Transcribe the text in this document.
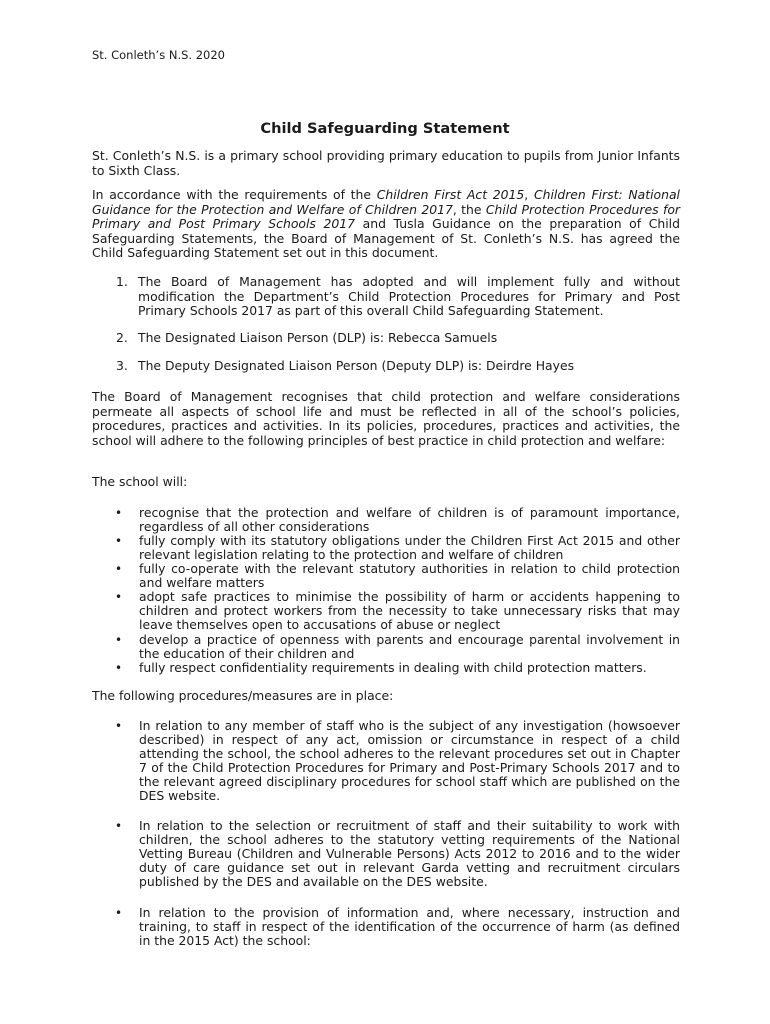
St. Conleth’s N.S. 2020
Child Safeguarding Statement
St. Conleth’s N.S. is a primary school providing primary education to pupils from Junior Infants to Sixth Class.
In accordance with the requirements of the Children First Act 2015, Children First: National Guidance for the Protection and Welfare of Children 2017, the Child Protection Procedures for Primary and Post Primary Schools 2017 and Tusla Guidance on the preparation of Child Safeguarding Statements, the Board of Management of St. Conleth’s N.S. has agreed the Child Safeguarding Statement set out in this document.
1. The Board of Management has adopted and will implement fully and without modification the Department’s Child Protection Procedures for Primary and Post Primary Schools 2017 as part of this overall Child Safeguarding Statement.
2. The Designated Liaison Person (DLP) is: Rebecca Samuels
3. The Deputy Designated Liaison Person (Deputy DLP) is: Deirdre Hayes
The Board of Management recognises that child protection and welfare considerations permeate all aspects of school life and must be reflected in all of the school’s policies, procedures, practices and activities. In its policies, procedures, practices and activities, the school will adhere to the following principles of best practice in child protection and welfare:
The school will:
• recognise that the protection and welfare of children is of paramount importance, regardless of all other considerations
• fully comply with its statutory obligations under the Children First Act 2015 and other relevant legislation relating to the protection and welfare of children
• fully co-operate with the relevant statutory authorities in relation to child protection and welfare matters
• adopt safe practices to minimise the possibility of harm or accidents happening to children and protect workers from the necessity to take unnecessary risks that may leave themselves open to accusations of abuse or neglect
• develop a practice of openness with parents and encourage parental involvement in the education of their children and
• fully respect confidentiality requirements in dealing with child protection matters.
The following procedures/measures are in place:
• In relation to any member of staff who is the subject of any investigation (howsoever described) in respect of any act, omission or circumstance in respect of a child attending the school, the school adheres to the relevant procedures set out in Chapter 7 of the Child Protection Procedures for Primary and Post-Primary Schools 2017 and to the relevant agreed disciplinary procedures for school staff which are published on the DES website.
• In relation to the selection or recruitment of staff and their suitability to work with children, the school adheres to the statutory vetting requirements of the National Vetting Bureau (Children and Vulnerable Persons) Acts 2012 to 2016 and to the wider duty of care guidance set out in relevant Garda vetting and recruitment circulars published by the DES and available on the DES website.
• In relation to the provision of information and, where necessary, instruction and training, to staff in respect of the identification of the occurrence of harm (as defined in the 2015 Act) the school:
